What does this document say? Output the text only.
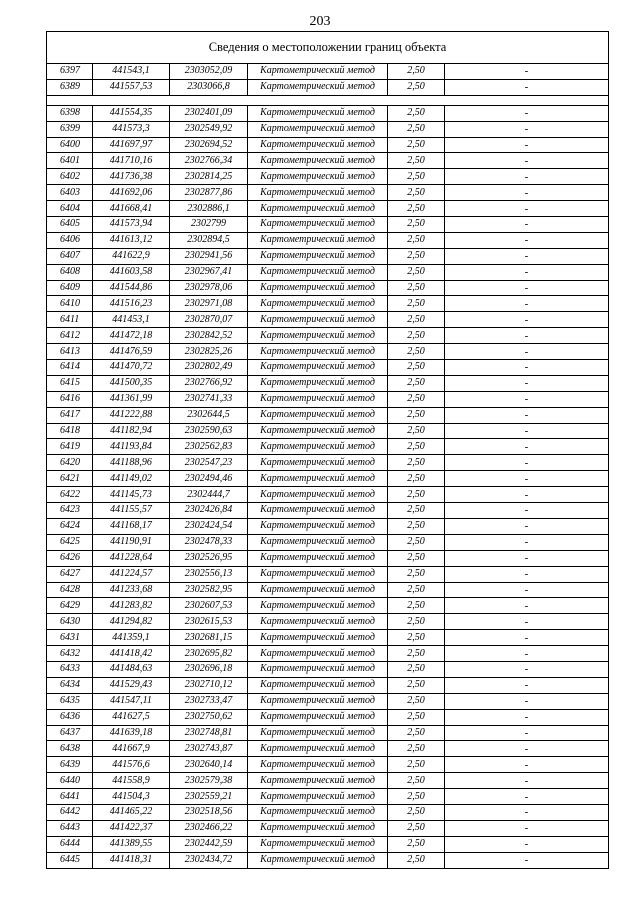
203
Сведения о местоположении границ объекта					
6397	441543,1	2303052,09	Картометрический метод	2,50	-
6389	441557,53	2303066,8	Картометрический метод	2,50	-

6398	441554,35	2302401,09	Картометрический метод	2,50	-
6399	441573,3	2302549,92	Картометрический метод	2,50	-
6400	441697,97	2302694,52	Картометрический метод	2,50	-
6401	441710,16	2302766,34	Картометрический метод	2,50	-
6402	441736,38	2302814,25	Картометрический метод	2,50	-
6403	441692,06	2302877,86	Картометрический метод	2,50	-
6404	441668,41	2302886,1	Картометрический метод	2,50	-
6405	441573,94	2302799	Картометрический метод	2,50	-
6406	441613,12	2302894,5	Картометрический метод	2,50	-
6407	441622,9	2302941,56	Картометрический метод	2,50	-
6408	441603,58	2302967,41	Картометрический метод	2,50	-
6409	441544,86	2302978,06	Картометрический метод	2,50	-
6410	441516,23	2302971,08	Картометрический метод	2,50	-
6411	441453,1	2302870,07	Картометрический метод	2,50	-
6412	441472,18	2302842,52	Картометрический метод	2,50	-
6413	441476,59	2302825,26	Картометрический метод	2,50	-
6414	441470,72	2302802,49	Картометрический метод	2,50	-
6415	441500,35	2302766,92	Картометрический метод	2,50	-
6416	441361,99	2302741,33	Картометрический метод	2,50	-
6417	441222,88	2302644,5	Картометрический метод	2,50	-
6418	441182,94	2302590,63	Картометрический метод	2,50	-
6419	441193,84	2302562,83	Картометрический метод	2,50	-
6420	441188,96	2302547,23	Картометрический метод	2,50	-
6421	441149,02	2302494,46	Картометрический метод	2,50	-
6422	441145,73	2302444,7	Картометрический метод	2,50	-
6423	441155,57	2302426,84	Картометрический метод	2,50	-
6424	441168,17	2302424,54	Картометрический метод	2,50	-
6425	441190,91	2302478,33	Картометрический метод	2,50	-
6426	441228,64	2302526,95	Картометрический метод	2,50	-
6427	441224,57	2302556,13	Картометрический метод	2,50	-
6428	441233,68	2302582,95	Картометрический метод	2,50	-
6429	441283,82	2302607,53	Картометрический метод	2,50	-
6430	441294,82	2302615,53	Картометрический метод	2,50	-
6431	441359,1	2302681,15	Картометрический метод	2,50	-
6432	441418,42	2302695,82	Картометрический метод	2,50	-
6433	441484,63	2302696,18	Картометрический метод	2,50	-
6434	441529,43	2302710,12	Картометрический метод	2,50	-
6435	441547,11	2302733,47	Картометрический метод	2,50	-
6436	441627,5	2302750,62	Картометрический метод	2,50	-
6437	441639,18	2302748,81	Картометрический метод	2,50	-
6438	441667,9	2302743,87	Картометрический метод	2,50	-
6439	441576,6	2302640,14	Картометрический метод	2,50	-
6440	441558,9	2302579,38	Картометрический метод	2,50	-
6441	441504,3	2302559,21	Картометрический метод	2,50	-
6442	441465,22	2302518,56	Картометрический метод	2,50	-
6443	441422,37	2302466,22	Картометрический метод	2,50	-
6444	441389,55	2302442,59	Картометрический метод	2,50	-
6445	441418,31	2302434,72	Картометрический метод	2,50	-
